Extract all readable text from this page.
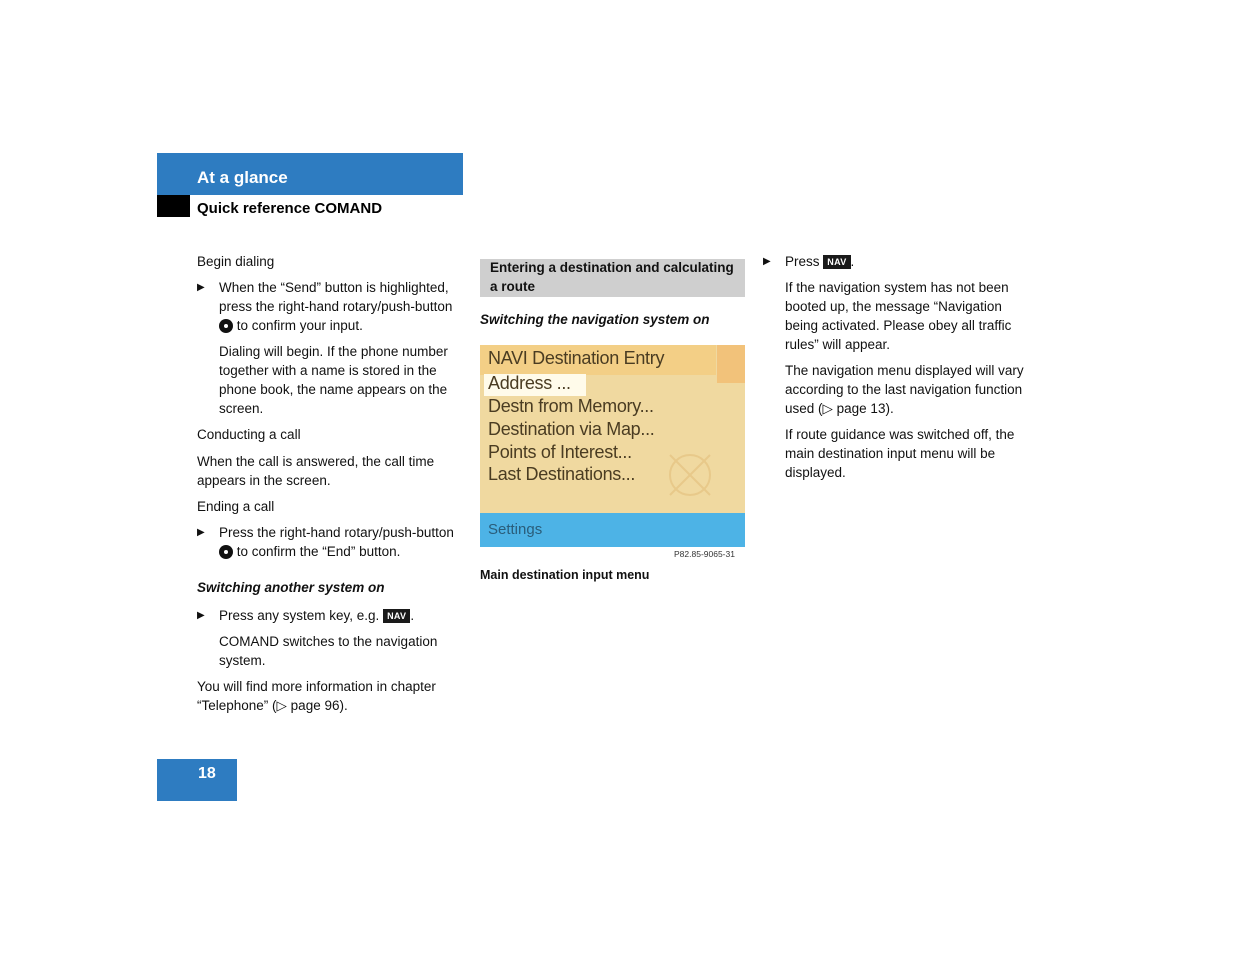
At a glance
Quick reference COMAND
Begin dialing
▶ When the “Send” button is highlighted, press the right-hand rotary/push-button  to confirm your input.
Dialing will begin. If the phone number together with a name is stored in the phone book, the name appears on the screen.
Conducting a call
When the call is answered, the call time appears in the screen.
Ending a call
▶ Press the right-hand rotary/push-button  to confirm the “End” button.
Switching another system on
▶ Press any system key, e.g. NAV .
COMAND switches to the navigation system.
You will find more information in chapter “Telephone” (▷ page 96).
Entering a destination and calculating a route
Switching the navigation system on
NAVI Destination Entry
Address ...
Destn from Memory...
Destination via Map...
Points of Interest...
Last Destinations...
Settings
P82.85-9065-31
Main destination input menu
▶ Press NAV .
If the navigation system has not been booted up, the message “Navigation being activated. Please obey all traffic rules” will appear.
The navigation menu displayed will vary according to the last navigation function used (▷ page 13).
If route guidance was switched off, the main destination input menu will be displayed.
18
